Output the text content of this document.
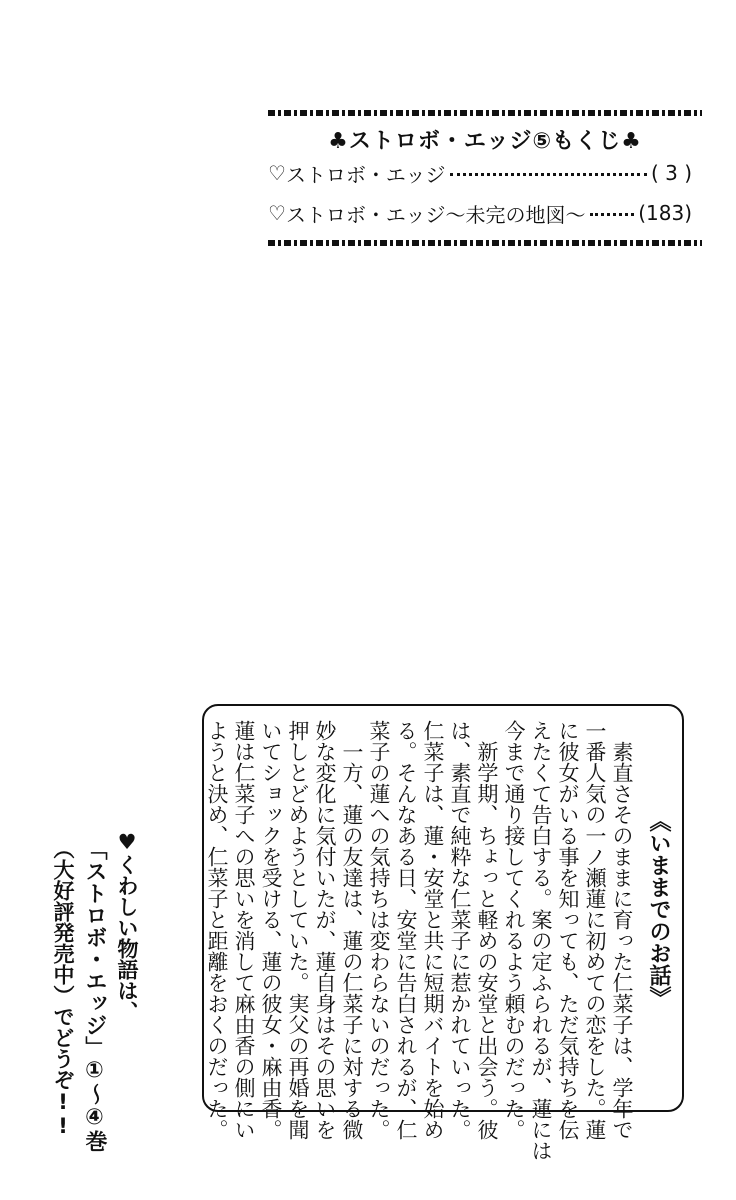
♣ストロボ・エッジ⑤もくじ♣
♡ ストロボ・エッジ	( 3 )
♡ ストロボ・エッジ〜未完の地図〜	(183)
《いままでのお話》
　素直さそのままに育った仁菜子は、学年で
一番人気の一ノ瀬蓮に初めての恋をした。蓮
に彼女がいる事を知っても、ただ気持ちを伝
えたくて告白する。案の定ふられるが、蓮には
今まで通り接してくれるよう頼むのだった。
　新学期、ちょっと軽めの安堂と出会う。彼
は、素直で純粋な仁菜子に惹かれていった。
仁菜子は、蓮・安堂と共に短期バイトを始め
る。そんなある日、安堂に告白されるが、仁
菜子の蓮への気持ちは変わらないのだった。
　一方、蓮の友達は、蓮の仁菜子に対する微
妙な変化に気付いたが、蓮自身はその思いを
押しとどめようとしていた。実父の再婚を聞
いてショックを受ける、蓮の彼女・麻由香。
蓮は仁菜子への思いを消して麻由香の側にい
ようと決め、仁菜子と距離をおくのだった。
♥くわしい物語は、
「ストロボ・エッジ」①〜④巻
（大好評発売中）でどうぞ!!
